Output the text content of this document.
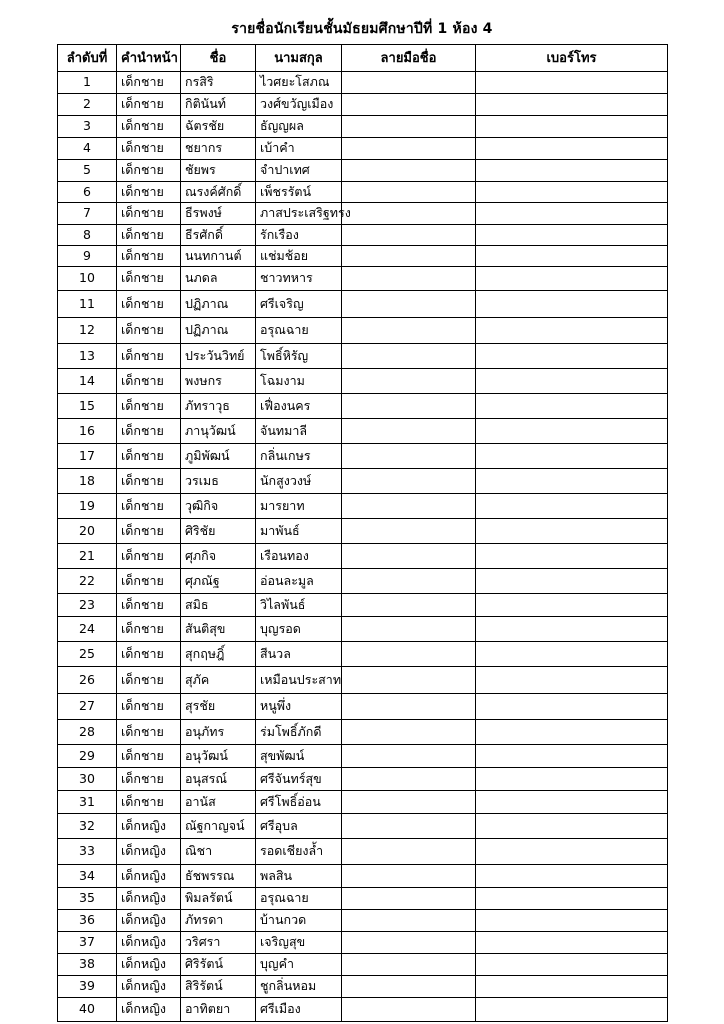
รายชื่อนักเรียนชั้นมัธยมศึกษาปีที่ 1 ห้อง 4
ลำดับที่	คำนำหน้า	ชื่อ	นามสกุล	ลายมือชื่อ	เบอร์โทร
1	เด็กชาย	กรสิริ	ไวศยะโสภณ		
2	เด็กชาย	กิตินันท์	วงศ์ขวัญเมือง		
3	เด็กชาย	ฉัตรชัย	ธัญญผล		
4	เด็กชาย	ชยากร	เบ้าคำ		
5	เด็กชาย	ชัยพร	จำปาเทศ		
6	เด็กชาย	ณรงค์ศักดิ์	เพ็ชรรัตน์		
7	เด็กชาย	ธีรพงษ์	ภาสประเสริฐทรง		
8	เด็กชาย	ธีรศักดิ์	รักเรือง		
9	เด็กชาย	นนทกานต์	แช่มช้อย		
10	เด็กชาย	นภดล	ชาวทหาร		
11	เด็กชาย	ปฏิภาณ	ศรีเจริญ		
12	เด็กชาย	ปฏิภาณ	อรุณฉาย		
13	เด็กชาย	ประวันวิทย์	โพธิ์หิรัญ		
14	เด็กชาย	พงษกร	โฉมงาม		
15	เด็กชาย	ภัทราวุธ	เฟื่องนคร		
16	เด็กชาย	ภานุวัฒน์	จันทมาลี		
17	เด็กชาย	ภูมิพัฒน์	กลิ่นเกษร		
18	เด็กชาย	วรเมธ	นักสูงวงษ์		
19	เด็กชาย	วุฒิกิจ	มารยาท		
20	เด็กชาย	ศิริชัย	มาพันธ์		
21	เด็กชาย	ศุภกิจ	เรือนทอง		
22	เด็กชาย	ศุภณัฐ	อ่อนละมูล		
23	เด็กชาย	สมิธ	วิไลพันธ์		
24	เด็กชาย	สันติสุข	บุญรอด		
25	เด็กชาย	สุกฤษฎิ์	สีนวล		
26	เด็กชาย	สุภัค	เหมือนประสาท		
27	เด็กชาย	สุรชัย	หนูพึ่ง		
28	เด็กชาย	อนุภัทร	ร่มโพธิ์ภักดี		
29	เด็กชาย	อนุวัฒน์	สุขพัฒน์		
30	เด็กชาย	อนุสรณ์	ศรีจันทร์สุข		
31	เด็กชาย	อานัส	ศรีโพธิ์อ่อน		
32	เด็กหญิง	ณัฐกาญจน์	ศรีอุบล		
33	เด็กหญิง	ณิชา	รอดเชียงล้ำ		
34	เด็กหญิง	ธัชพรรณ	พลสิน		
35	เด็กหญิง	พิมลรัตน์	อรุณฉาย		
36	เด็กหญิง	ภัทรดา	บ้านกวด		
37	เด็กหญิง	วริศรา	เจริญสุข		
38	เด็กหญิง	ศิริรัตน์	บุญคำ		
39	เด็กหญิง	สิริรัตน์	ชูกลิ่นหอม		
40	เด็กหญิง	อาทิตยา	ศรีเมือง		
